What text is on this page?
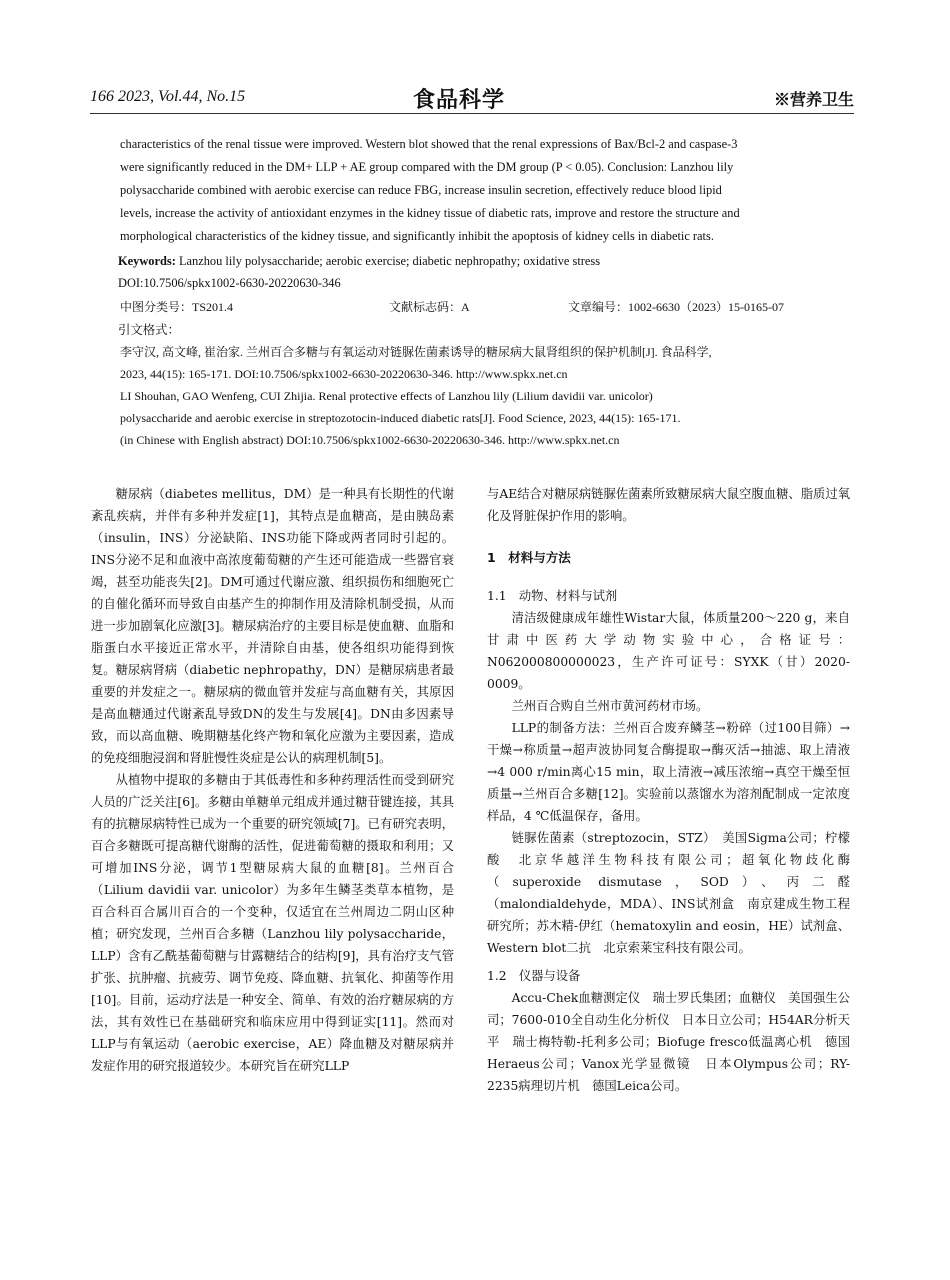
166 2023, Vol.44, No.15	食品科学	※营养卫生
characteristics of the renal tissue were improved. Western blot showed that the renal expressions of Bax/Bcl-2 and caspase-3
were significantly reduced in the DM+ LLP + AE group compared with the DM group (P < 0.05). Conclusion: Lanzhou lily
polysaccharide combined with aerobic exercise can reduce FBG, increase insulin secretion, effectively reduce blood lipid
levels, increase the activity of antioxidant enzymes in the kidney tissue of diabetic rats, improve and restore the structure and
morphological characteristics of the kidney tissue, and significantly inhibit the apoptosis of kidney cells in diabetic rats.
Keywords: Lanzhou lily polysaccharide; aerobic exercise; diabetic nephropathy; oxidative stress
DOI:10.7506/spkx1002-6630-20220630-346
中图分类号：TS201.4	文献标志码：A	文章编号：1002-6630（2023）15-0165-07
引文格式：
李守汉, 高文峰, 崔治家. 兰州百合多糖与有氧运动对链脲佐菌素诱导的糖尿病大鼠肾组织的保护机制[J]. 食品科学,
2023, 44(15): 165-171. DOI:10.7506/spkx1002-6630-20220630-346. http://www.spkx.net.cn
LI Shouhan, GAO Wenfeng, CUI Zhijia. Renal protective effects of Lanzhou lily (Lilium davidii var. unicolor)
polysaccharide and aerobic exercise in streptozotocin-induced diabetic rats[J]. Food Science, 2023, 44(15): 165-171.
(in Chinese with English abstract) DOI:10.7506/spkx1002-6630-20220630-346. http://www.spkx.net.cn

糖尿病（diabetes mellitus，DM）是一种具有长期性的代谢紊乱疾病，并伴有多种并发症[1]，其特点是血糖高，是由胰岛素（insulin，INS）分泌缺陷、INS功能下降或两者同时引起的。INS分泌不足和血液中高浓度葡萄糖的产生还可能造成一些器官衰竭，甚至功能丧失[2]。DM可通过代谢应激、组织损伤和细胞死亡的自催化循环而导致自由基产生的抑制作用及清除机制受损，从而进一步加剧氧化应激[3]。糖尿病治疗的主要目标是使血糖、血脂和脂蛋白水平接近正常水平，并清除自由基，使各组织功能得到恢复。糖尿病肾病（diabetic nephropathy，DN）是糖尿病患者最重要的并发症之一。糖尿病的微血管并发症与高血糖有关，其原因是高血糖通过代谢紊乱导致DN的发生与发展[4]。DN由多因素导致，而以高血糖、晚期糖基化终产物和氧化应激为主要因素，造成的免疫细胞浸润和肾脏慢性炎症是公认的病理机制[5]。

从植物中提取的多糖由于其低毒性和多种药理活性而受到研究人员的广泛关注[6]。多糖由单糖单元组成并通过糖苷键连接，其具有的抗糖尿病特性已成为一个重要的研究领域[7]。已有研究表明，百合多糖既可提高糖代谢酶的活性，促进葡萄糖的摄取和利用；又可增加INS分泌，调节1型糖尿病大鼠的血糖[8]。兰州百合（Lilium davidii var. unicolor）为多年生鳞茎类草本植物，是百合科百合属川百合的一个变种，仅适宜在兰州周边二阴山区种植；研究发现，兰州百合多糖（Lanzhou lily polysaccharide，LLP）含有乙酰基葡萄糖与甘露糖结合的结构[9]，具有治疗支气管扩张、抗肿瘤、抗疲劳、调节免疫、降血糖、抗氧化、抑菌等作用[10]。目前，运动疗法是一种安全、简单、有效的治疗糖尿病的方法，其有效性已在基础研究和临床应用中得到证实[11]。然而对LLP与有氧运动（aerobic exercise，AE）降血糖及对糖尿病并发症作用的研究报道较少。本研究旨在研究LLP

与AE结合对糖尿病链脲佐菌素所致糖尿病大鼠空腹血糖、脂质过氧化及肾脏保护作用的影响。

1　材料与方法
1.1　动物、材料与试剂

清洁级健康成年雄性Wistar大鼠，体质量200～220 g，来自甘肃中医药大学动物实验中心，合格证号：N062000800000023，生产许可证号：SYXK（甘）2020-0009。

兰州百合购自兰州市黄河药材市场。

LLP的制备方法：兰州百合废弃鳞茎→粉碎（过100目筛）→干燥→称质量→超声波协同复合酶提取→酶灭活→抽滤、取上清液→4 000 r/min离心15 min，取上清液→减压浓缩→真空干燥至恒质量→兰州百合多糖[12]。实验前以蒸馏水为溶剂配制成一定浓度样品，4 ℃低温保存，备用。

链脲佐菌素（streptozocin，STZ）　美国Sigma公司；柠檬酸　北京华越洋生物科技有限公司；超氧化物歧化酶（superoxide dismutase，SOD）、丙二醛（malondialdehyde，MDA）、INS试剂盒　南京建成生物工程研究所；苏木精-伊红（hematoxylin and eosin，HE）试剂盒、Western blot二抗　北京索莱宝科技有限公司。

1.2　仪器与设备

Accu-Chek血糖测定仪　瑞士罗氏集团；血糖仪　美国强生公司；7600-010全自动生化分析仪　日本日立公司；H54AR分析天平　瑞士梅特勒-托利多公司；Biofuge fresco低温离心机　德国Heraeus公司；Vanox光学显微镜　日本Olympus公司；RY-2235病理切片机　德国Leica公司。
